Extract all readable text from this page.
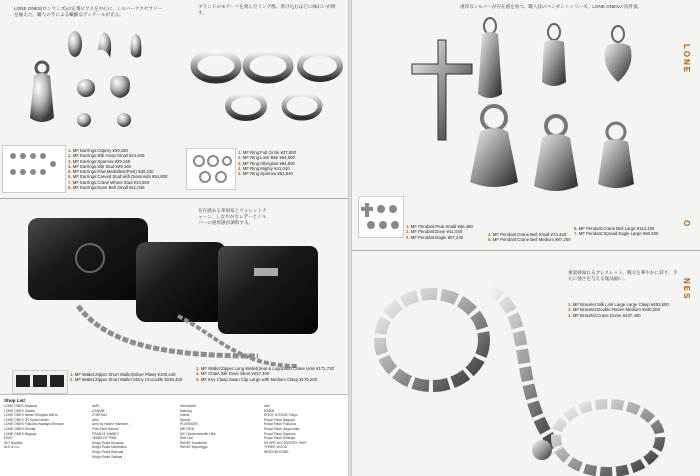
LONE ONES(ロンワンズ)の定番ピアスを中心に、シルバーアクセサリーを揃えた。職人の手による繊細なディテールが光る。
ブランドのモチーフを刻んだリング群。着け込むほどに味わいが増す。
1. MF Earrings:Osprey ¥29,160
2. MF Earrings:Silk Hoop Small ¥24,840
3. MF Earrings:Sparrow ¥29,160
4. MF Earrings:Silk Stud ¥29,160
5. MF Earrings:Paw Medallion(Post) ¥30,240
6. MF Earrings:Carved Stud with Diamonds ¥54,800
7. MF Earrings:Crane Wheel Stud ¥34,560
8. MF Earrings:Dove Bell Small ¥41,040
1. MF Ring:Full Circle ¥37,800
2. MF Ring:Love Bite ¥64,800
3. MF Ring:Afterglow ¥84,800
4. MF Ring:Mighty ¥41,040
5. MF Ring:Sparrow ¥51,840
存在感ある革財布とウォレットチェーン。しなやかなレザーとシルバーの重厚感が調和する。
1. MF Wallet:Zipper Short Wallet(Silver Plate) ¥100,440
2. MF Wallet:Zipper Short Wallet Shiny Crocodile ¥248,400
3. MF Wallet:Zipper Long Wallet(Seal & Logo)With Crane Hole ¥171,720
4. MF Chain:Silk Dove Short ¥437,400
5. MF Key Clasp:Swan Clip Large with Medium Clasp ¥176,200
Shop List
LONE ONES Aoyama
LONE ONES Osaka
LONE ONES Isetan Shinjuku Men's
LONE ONES JR Kyoto Isetan
LONE ONES Fukuoka Iwataya Shinkan
LONE ONES Sendai
LONE ONES Nagoya
ESSY
ISO Nordisk
ALE & Co.
AMS
CANNIE
CHRONO
Arky
Amy by Haven Hamilton
First Field Harumi
FRANCE MANEY
JEWELRY PINE
King's Road Aoyama
King's Road Nishimitsu
King's Road Kanzaki
King's Road Sabiwa
Keoscrimb
Nabzzg
Interia
Moomi
PLATINOIR
MEYZEN
MC Octobrewsville Hills
Red Owl
ReDeF Hosshima
ReDeF Myeonggu
nifu
RAIEB
ROCK N ROSE Tokyo
Royal Flash Nagoya
Royal Flash Fukuoka
Royal Flash Jinguumae
Royal Flash Sapporo
Royal Flash Shibuya
SILVER ACCESSORY SHIP
THREE WOOD
WISDOM KOBE
重厚なシルバーが存在感を放つ、職人技のペンダントシリーズ。LONE ONESの真骨頂。
LONE
O
NES
1. MF Pendant:Peat Small ¥60,480
2. MF Pendant:Dove ¥41,040
3. MF Pendant:Eagle ¥57,240
4. MF Pendant:Crane Bell Small ¥73,440
5. MF Pendant:Crane Bell Medium ¥97,200
6. MF Pendant:Crane Bell Large ¥113,400
7. MF Pendant:Spread Eagle Large ¥60,480
重量感溢れるブレスレット。腕元を華やかに彩り、手元に強さを与える逸品揃い。
1. MF Bracelet:Silk Link Large Large Clasp ¥453,600
2. MF Bracelet:Double Raven Medium ¥340,200
3. MF Bracelet:Crane Dome ¥437,400
